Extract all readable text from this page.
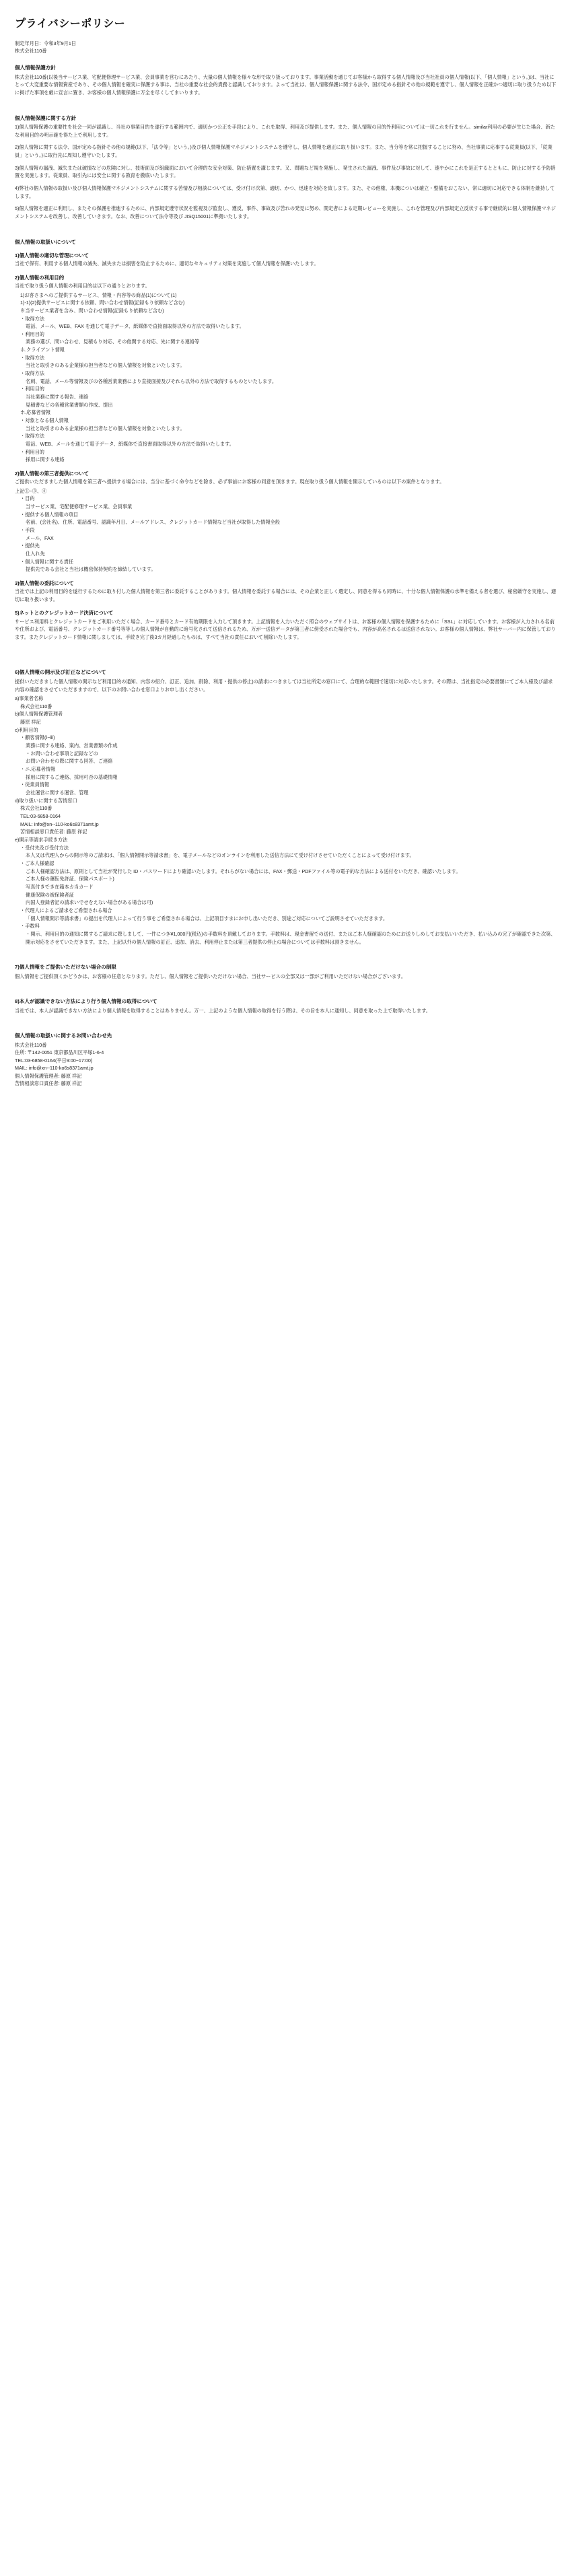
プライバシーポリシー
制定年月日：令和3年9月1日
株式会社110番
個人情報保護方針

株式会社110番(以後当サービス業、宅配便修理サービス業、会員事業を営むにあたり、大量の個人情報を様々な形で取り扱っております。事業活動を通じてお客様から取得する個人情報及び当社社員の個人情報(以下、「個人情報」という。)は、当社にとって大変重要な情報資産であり、その個人情報を確実に保護する事は、当社の重要な社会的責務と認識しております。よって当社は、個人情報保護に関する法令、国が定める指針その他の規範を遵守し、個人情報を正確かつ適切に取り扱うため以下に掲げた事項を厳に宣言に置き、お客様の個人情報保護に万全を尽くしてまいります。

個人情報保護に関する方針

1)個人情報保護の重要性を社会一同が認識し、当社の事業目的を遂行する範囲内で、適切かつ公正を手段により、これを取得、利用及び提供します。また、個人情報の目的外利用については一切これを行ません。similar利用の必要が生じた場合、新たな利用目的の明示確を得た上で利用します。

2)個人情報に関する法令、国が定める指針その他の規範(以下、「法令等」という。)及び個人情報保護マネジメントシステムを遵守し、個人情報を適正に取り扱います。また、当分等を常に把握することに努め、当社事業に応事する従業員(以下、「従業員」という。)に取行先に周知し遵守いたします。

3)個人情報の漏洩、滅失または破損などの危険に対し、技術面及び組織面において合理的な安全対策、防止措置を講じます。又、問題など規を発施し、発生された漏洩、事件及び事故に対して、速やかにこれを是正するとともに、防止に対する予防措置を実施します。従業員、取引先には安全に関する教育を徹底いたします。

4)弊社の個人情報の取扱い及び個人情報保護マネジメントシステムに関する苦情及び相談については、受け付け次第、適切、かつ、迅速を対応を致します。また、その他権、本機についは確立・整備をおこない、常に適切に対応できる体制を維持してします。

5)個人情報を適正に利用し、またその保護を推進するために、内部規定遵守状況を監視及び監査し、遵反、事件、事故及び苦れの発見に努め、関定者による定期レビューを実施し、これを管理及び内部規定立反状する事で継続的に個人情報保護マネジメントシステムを改善し、改善していきます。なお、改善について法令等及び JISQ15001に準拠いたします。

個人情報の取扱いについて
1)個人情報の適切な管理について

当社で保有、利用する個人情報の滅失、滅失または損害を防止するために、適切なセキュリティ対策を実施して個人情報を保護いたします。

2)個人情報の利用目的

当社で取り扱う個人情報の利用目的は以下の通りとおります。

1)お客さまへのご提供するサービス、情報・内容等の商品(1)について(1)
1)-1)(2)提供サービスに関する依頼、問い合わせ情報(記録もり依頼など含む)
※当サービス業者を含み、問い合わせ情報(記録もり依頼など含む)
・取得方法
電話、メール、WEB、FAX を通じて電子データ、紙媒体で直接面取得以外の方法で取得いたします。
・利用目的
業務の選び、問い合わせ、見積もり対応、その他関する対応、先に関する連絡等
ホ.クライアント情報
・取得方法
当社と取引きのある企業様の担当者などの個人情報を対象といたします。
・取得方法
名刺、電話、メール等情報及びの各種営業業務により直接面接及びそれら以外の方法で取得するものといたします。
・利用目的
当社業務に関する報告、連絡
見積書などの各種営業書類の作成、提出
ホ.応募者情報
・対象となる個人情報
当社と取引きのある企業様の担当者などの個人情報を対象といたします。
・取得方法
電話、WEB、メールを通じて電子データ、紙媒体で直接書面取得以外の方法で取得いたします。
・利用目的
採用に関する連絡
2)個人情報の第三者提供について

ご提供いただきました個人情報を第三者へ提供する場合には、当分に基づく命令などを除き、必ず事前にお客様の同意を頂きます。現在取り扱う個人情報を開示しているのは以下の案件となります。

上記①~③、④

・目的
当サービス業、宅配便修理サービス業、会員事業
・提供する個人情報の項目
名前、(会社名)、住所、電話番号、認識年月日、メールアドレス、クレジットカード情報など当社が取得した情報全般
・手段
メール、FAX
・提供先
仕入れ先
・個人情報に関する責任
提供先である会社と当社は機密保持契約を締結しています。
3)個人情報の委託について

当社では上記の利用目的を遂行するために取り付した個人情報を第三者に委託することがあります。個人情報を委託する場合には、その企業と正しく選定し、同意を得るも同時に、十分な個人情報保護の水準を備える者を選び、秘密厳守を実施し、適切に取り扱います。

5)ネットとのクレジットカード決済について

サービス利用料とクレジットカードをご利用いただく場合、カード番号とカード有効期限を入力して頂きます。上記情報を入力いただく照合のウェブサイトは、お客様の個人情報を保護するために「SSL」に対応しています。お客様が入力される名前や住所および、電話番号、クレジットカード番号等等しの個人情報が自動的に暗号化されて送信されるため、万が一送信データが第三者に傍受された場合でも、内容が高名されるは送信されない。お客様の個人情報は、弊社サーバー内に保管しております。またクレジットカード情報に関しましては、手続き完了後3カ月経過したものは、すべて当社の責任において削除いたします。

6)個人情報の開示及び訂正などについて

提供いただきました個人情報の開示など利用目的の通知、内容の紹介、訂正、追加、削除、利用・提供の停止)の請求につきましては当社所定の窓口にて、合理的な範囲で速切に対応いたします。その際は、当社指定の必要書類にてご本人様及び請求内容の確認をさせていただきますので、以下のお問い合わせ窓口よりお申し出ください。

a)事業者名称
株式会社110番
b)個人情報保護管理者
藤原 祥記
c)利用目的
・顧客情報(ⅰ~ⅲ)
業務に関する連絡、案内、営業書類の作成
・お問い合わせ事項と記録などの
お問い合わせの際に関する回答、ご連絡
・ニ.応募者情報
採用に関するご連絡、採用可否の基礎情報
・従業員情報
会社運営に関する運営、管理
d)取り扱いに関する苦情窓口
株式会社110番
TEL:03-6858-0164
MAIL: info@xn--110-ko6s8371amt.jp
苦情相談窓口責任者: 藤原 祥記
e)開示等請求手続き方法
・受付先及び受付方法
本人又は代理人からの開示等のご請求は、「個人情報開示等請求書」を、電子メールなどのオンラインを利用した送信方法にて受け付けさせていただくことによって受け付けます。
・ご本人様確認
ご本人様確認方法は、原則として当社が発行した ID・パスワードにより確認いたします。それらがない場合には、FAX・郵送・PDFファイル等の電子的な方法による送付をいただき、確認いたします。
ご本人様の運転免許証、保険パスポート)
写真付きでき在籍本カ当カード
健康保険の被保険者証
内国人登録者記の請求いでせをえない場合がある場合は可)
・代理人によるご請求をご希望される場合
「個人情報開示等請求書」の提出を代理人によって行う事をご希望される場合は、上記項目すまにお申し出いただき、別途ご対応についてご説明させていただきます。
・手数料
・開示、利用目的の通知に関するご請求に際しまして、一件につき¥1,000円(税込)の手数料を頂戴しております。手数料は、現金書留での送付、またはご本人様確認のためにお送りしめしてお支払いいただき、払い込みの完了が確認できた次第、開示対応をさせていただきます。また、上記以外の個人情報の訂正、追加、消去、利用停止または第三者提供の停止の場合については手数料は頂きません。
7)個人情報をご提供いただけない場合の制限

個人情報をご提供頂くかどうかは、お客様の任意となります。ただし、個人情報をご提供いただけない場合、当社サービスの全部又は一部がご利用いただけない場合がございます。

8)本人が認識できない方法により行う個人情報の取得について

当社では、本人が認識できない方法により個人情報を取得することはありません。万一、上記のような個人情報の取得を行う際は、その旨を本人に通知し、同意を取った上で取得いたします。

個人情報の取扱いに関するお問い合わせ先

株式会社110番

住所: 〒142-0051 東京都品川区平塚1-6-4

TEL:03-6858-0164(平日9:00~17:00)

MAIL: info@xn--110-ko6s8371amt.jp

個人情報保護管理者: 藤原 祥記

苦情相談窓口責任者: 藤原 祥記
